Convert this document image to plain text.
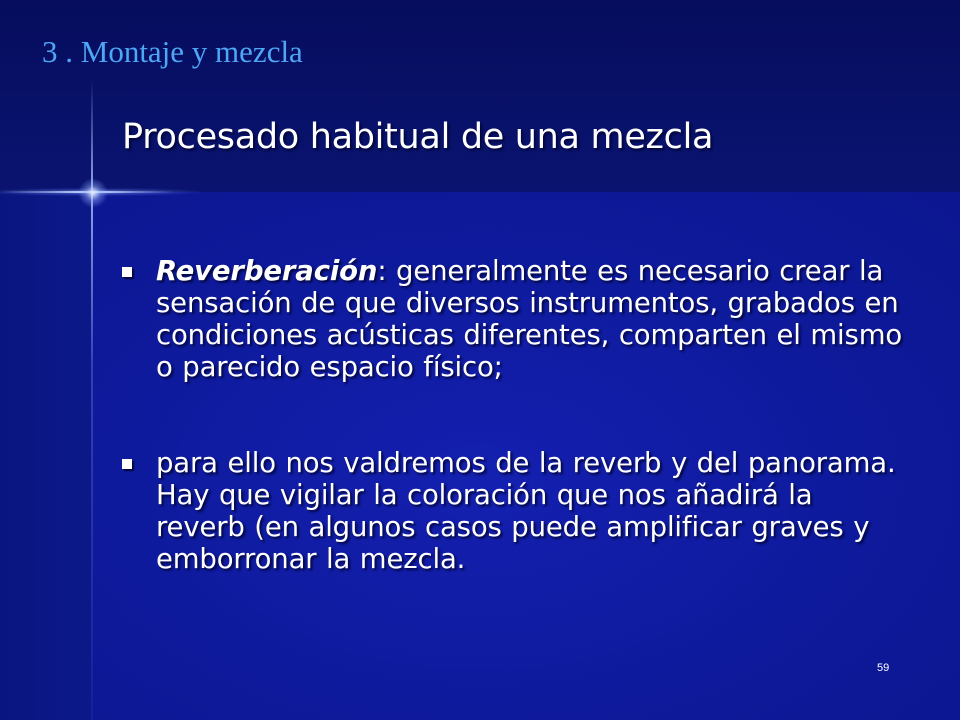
3 . Montaje y mezcla
Procesado habitual de una mezcla
Reverberación: generalmente es necesario crear la sensación de que diversos instrumentos, grabados en condiciones acústicas diferentes, comparten el mismo o parecido espacio físico;
para ello nos valdremos de la reverb y del panorama. Hay que vigilar la coloración que nos añadirá la reverb (en algunos casos puede amplificar graves y emborronar la mezcla.
59
